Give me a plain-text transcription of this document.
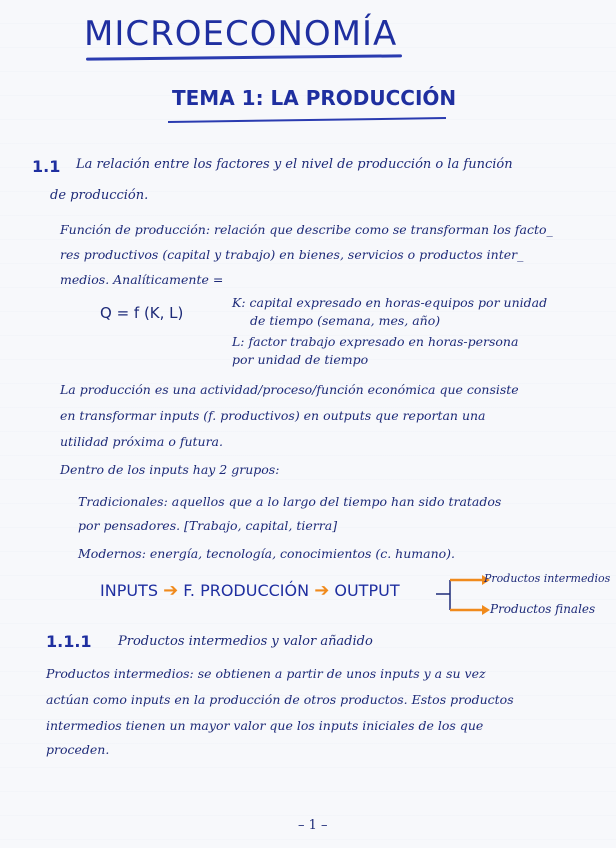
MICROECONOMÍA
TEMA 1: LA PRODUCCIÓN
1.1 La relación entre los factores y el nivel de producción o la función
de producción.
Función de producción: relación que describe como se transforman los facto_
res productivos (capital y trabajo) en bienes, servicios o productos inter_
medios. Analíticamente =
Q = f (K, L)
K: capital expresado en horas-equipos por unidad
de tiempo (semana, mes, año)
L: factor trabajo expresado en horas-persona
por unidad de tiempo
La producción es una actividad/proceso/función económica que consiste
en transformar inputs (f. productivos) en outputs que reportan una
utilidad próxima o futura.
Dentro de los inputs hay 2 grupos:
Tradicionales: aquellos que a lo largo del tiempo han sido tratados
por pensadores. [Trabajo, capital, tierra]
Modernos: energía, tecnología, conocimientos (c. humano).
INPUTS ➔ F. PRODUCCIÓN ➔ OUTPUT
Productos intermedios
Productos finales
1.1.1 Productos intermedios y valor añadido
Productos intermedios: se obtienen a partir de unos inputs y a su vez
actúan como inputs en la producción de otros productos. Estos productos
intermedios tienen un mayor valor que los inputs iniciales de los que
proceden.
– 1 –
